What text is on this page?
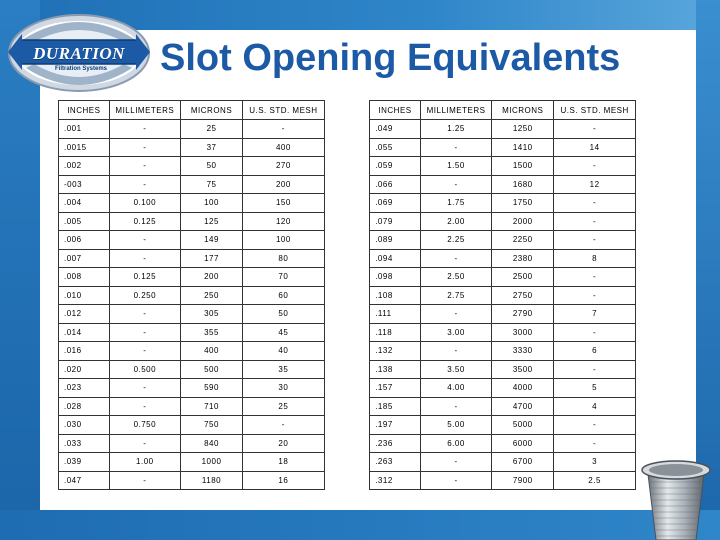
DURATION
Filtration Systems	Slot Opening Equivalents
INCHES	MILLIMETERS	MICRONS	U.S. STD. MESH		INCHES	MILLIMETERS	MICRONS	U.S. STD. MESH
.001	-	25	-		.049	1.25	1250	-
.0015	-	37	400		.055	-	1410	14
.002	-	50	270		.059	1.50	1500	-
-003	-	75	200		.066	-	1680	12
.004	0.100	100	150		.069	1.75	1750	-
.005	0.125	125	120		.079	2.00	2000	-
.006	-	149	100		.089	2.25	2250	-
.007	-	177	80		.094	-	2380	8
.008	0.125	200	70		.098	2.50	2500	-
.010	0.250	250	60		.108	2.75	2750	-
.012	-	305	50		.111	-	2790	7
.014	-	355	45		.118	3.00	3000	-
.016	-	400	40		.132	-	3330	6
.020	0.500	500	35		.138	3.50	3500	-
.023	-	590	30		.157	4.00	4000	5
.028	-	710	25		.185	-	4700	4
.030	0.750	750	-		.197	5.00	5000	-
.033	-	840	20		.236	6.00	6000	-
.039	1.00	1000	18		.263	-	6700	3
.047	-	1180	16		.312	-	7900	2.5
